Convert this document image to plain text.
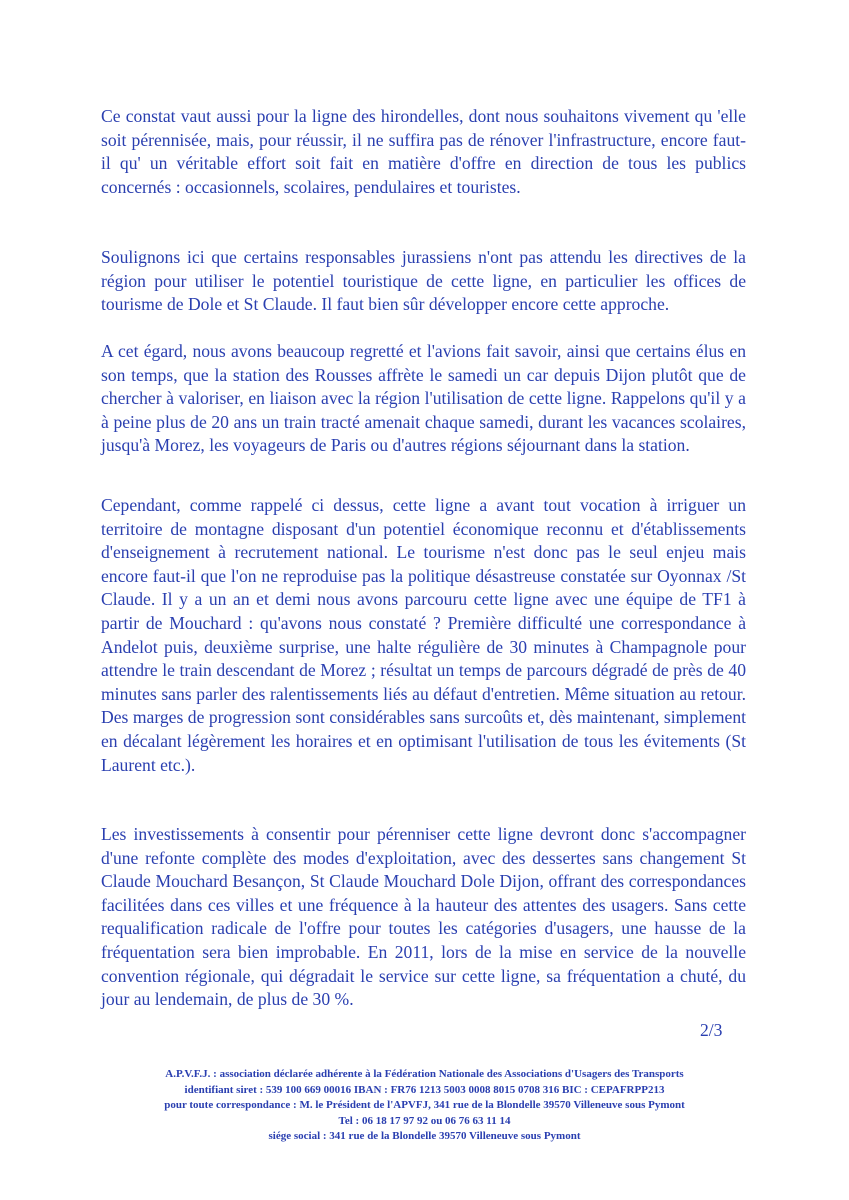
Ce constat vaut aussi pour la ligne des hirondelles, dont nous souhaitons vivement qu 'elle soit pérennisée, mais, pour réussir, il ne suffira pas de rénover l'infrastructure, encore faut-il qu' un véritable effort soit fait en matière d'offre en direction de tous les publics concernés : occasionnels, scolaires, pendulaires et touristes.

Soulignons ici que certains responsables jurassiens n'ont pas attendu les directives de la région pour utiliser le potentiel touristique de cette ligne, en particulier les offices de tourisme de Dole et St Claude. Il faut bien sûr développer encore cette approche.

A cet égard, nous avons beaucoup regretté et l'avions fait savoir, ainsi que certains élus en son temps, que la station des Rousses affrète le samedi un car depuis Dijon plutôt que de chercher à valoriser, en liaison avec la région l'utilisation de cette ligne. Rappelons qu'il y a à peine plus de 20 ans un train tracté amenait chaque samedi, durant les vacances scolaires, jusqu'à Morez, les voyageurs de Paris ou d'autres régions séjournant dans la station.

Cependant, comme rappelé ci dessus, cette ligne a avant tout vocation à irriguer un territoire de montagne disposant d'un potentiel économique reconnu et d'établissements d'enseignement à recrutement national. Le tourisme n'est donc pas le seul enjeu mais encore faut-il que l'on ne reproduise pas la politique désastreuse constatée sur Oyonnax /St Claude. Il y a un an et demi nous avons parcouru cette ligne avec une équipe de TF1 à partir de Mouchard : qu'avons nous constaté ? Première difficulté une correspondance à Andelot puis, deuxième surprise, une halte régulière de 30 minutes à Champagnole pour attendre le train descendant de Morez ; résultat un temps de parcours dégradé de près de 40 minutes sans parler des ralentissements liés au défaut d'entretien. Même situation au retour. Des marges de progression sont considérables sans surcoûts et, dès maintenant, simplement en décalant légèrement les horaires et en optimisant l'utilisation de tous les évitements (St Laurent etc.).

Les investissements à consentir pour pérenniser cette ligne devront donc s'accompagner d'une refonte complète des modes d'exploitation, avec des dessertes sans changement St Claude Mouchard Besançon, St Claude Mouchard Dole Dijon, offrant des correspondances facilitées dans ces villes et une fréquence à la hauteur des attentes des usagers. Sans cette requalification radicale de l'offre pour toutes les catégories d'usagers, une hausse de la fréquentation sera bien improbable. En 2011, lors de la mise en service de la nouvelle convention régionale, qui dégradait le service sur cette ligne, sa fréquentation a chuté, du jour au lendemain, de plus de 30 %.

2/3
A.P.V.F.J. : association déclarée adhérente à la Fédération Nationale des Associations d'Usagers des Transports
identifiant siret : 539 100 669 00016 IBAN : FR76 1213 5003 0008 8015 0708 316 BIC : CEPAFRPP213
pour toute correspondance : M. le Président de l'APVFJ, 341 rue de la Blondelle 39570 Villeneuve sous Pymont
Tel : 06 18 17 97 92 ou 06 76 63 11 14
siége social : 341 rue de la Blondelle 39570 Villeneuve sous Pymont
